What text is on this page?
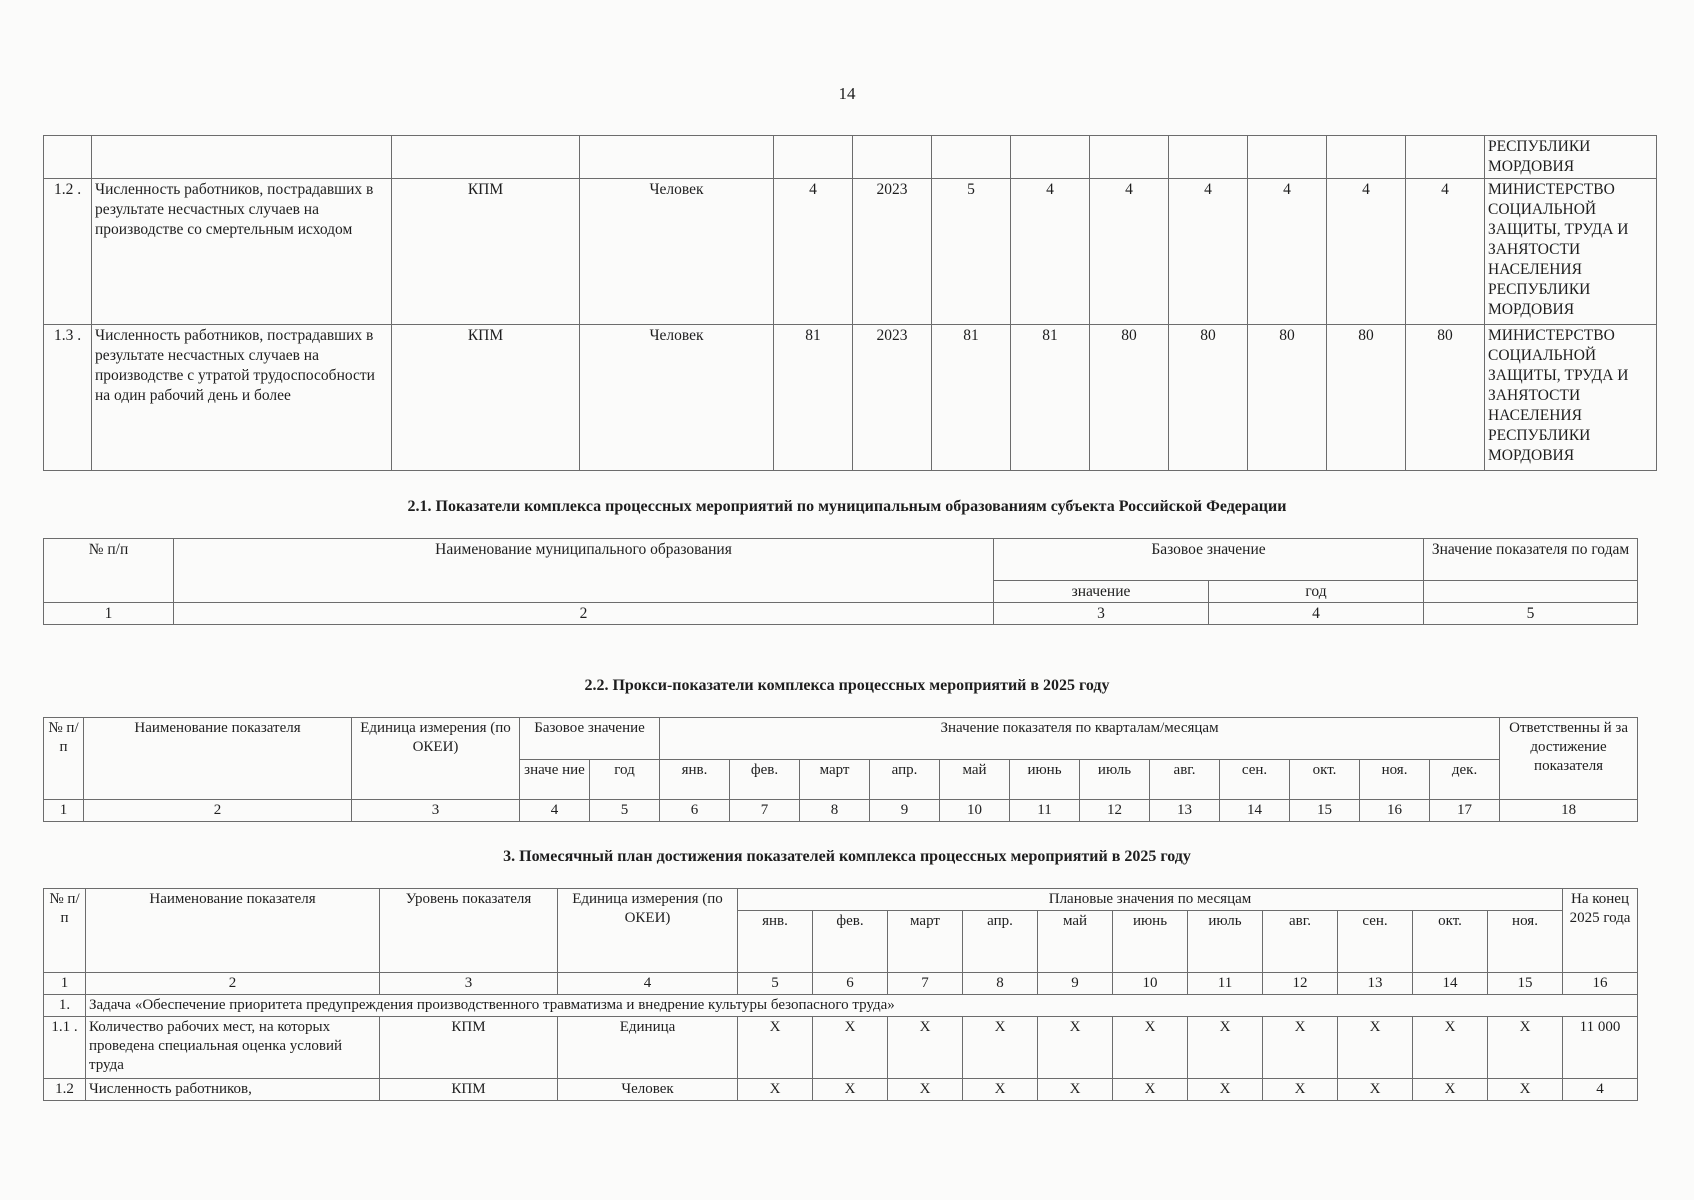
14
													РЕСПУБЛИКИ МОРДОВИЯ
1.2 .	Численность работников, пострадавших в результате несчастных случаев на производстве со смертельным исходом	КПМ	Человек	4	2023	5	4	4	4	4	4	4	МИНИСТЕРСТВО СОЦИАЛЬНОЙ ЗАЩИТЫ, ТРУДА И ЗАНЯТОСТИ НАСЕЛЕНИЯ РЕСПУБЛИКИ МОРДОВИЯ
1.3 .	Численность работников, пострадавших в результате несчастных случаев на производстве с утратой трудоспособности на один рабочий день и более	КПМ	Человек	81	2023	81	81	80	80	80	80	80	МИНИСТЕРСТВО СОЦИАЛЬНОЙ ЗАЩИТЫ, ТРУДА И ЗАНЯТОСТИ НАСЕЛЕНИЯ РЕСПУБЛИКИ МОРДОВИЯ
2.1. Показатели комплекса процессных мероприятий по муниципальным образованиям субъекта Российской Федерации
№ п/п	Наименование муниципального образования	Базовое значение		Значение показателя по годам
		значение	год	
1	2	3	4	5
2.2. Прокси-показатели комплекса процессных мероприятий в 2025 году
№ п/ п	Наименование показателя	Единица измерения (по ОКЕИ)	Базовое значение		Значение показателя по кварталам/месяцам												Ответственны й за достижение показателя
			значе ние	год	янв.	фев.	март	апр.	май	июнь	июль	авг.	сен.	окт.	ноя.	дек.	
1	2	3	4	5	6	7	8	9	10	11	12	13	14	15	16	17	18
3. Помесячный план достижения показателей комплекса процессных мероприятий в 2025 году
№ п/ п	Наименование показателя	Уровень показателя	Единица измерения (по ОКЕИ)	Плановые значения по месяцам											На конец 2025 года
				янв.	фев.	март	апр.	май	июнь	июль	авг.	сен.	окт.	ноя.	
1	2	3	4	5	6	7	8	9	10	11	12	13	14	15	16
1.	Задача «Обеспечение приоритета предупреждения производственного травматизма и внедрение культуры безопасного труда»														
1.1 .	Количество рабочих мест, на которых проведена специальная оценка условий труда	КПМ	Единица	X	X	X	X	X	X	X	X	X	X	X	11 000
1.2	Численность работников,	КПМ	Человек	X	X	X	X	X	X	X	X	X	X	X	4
